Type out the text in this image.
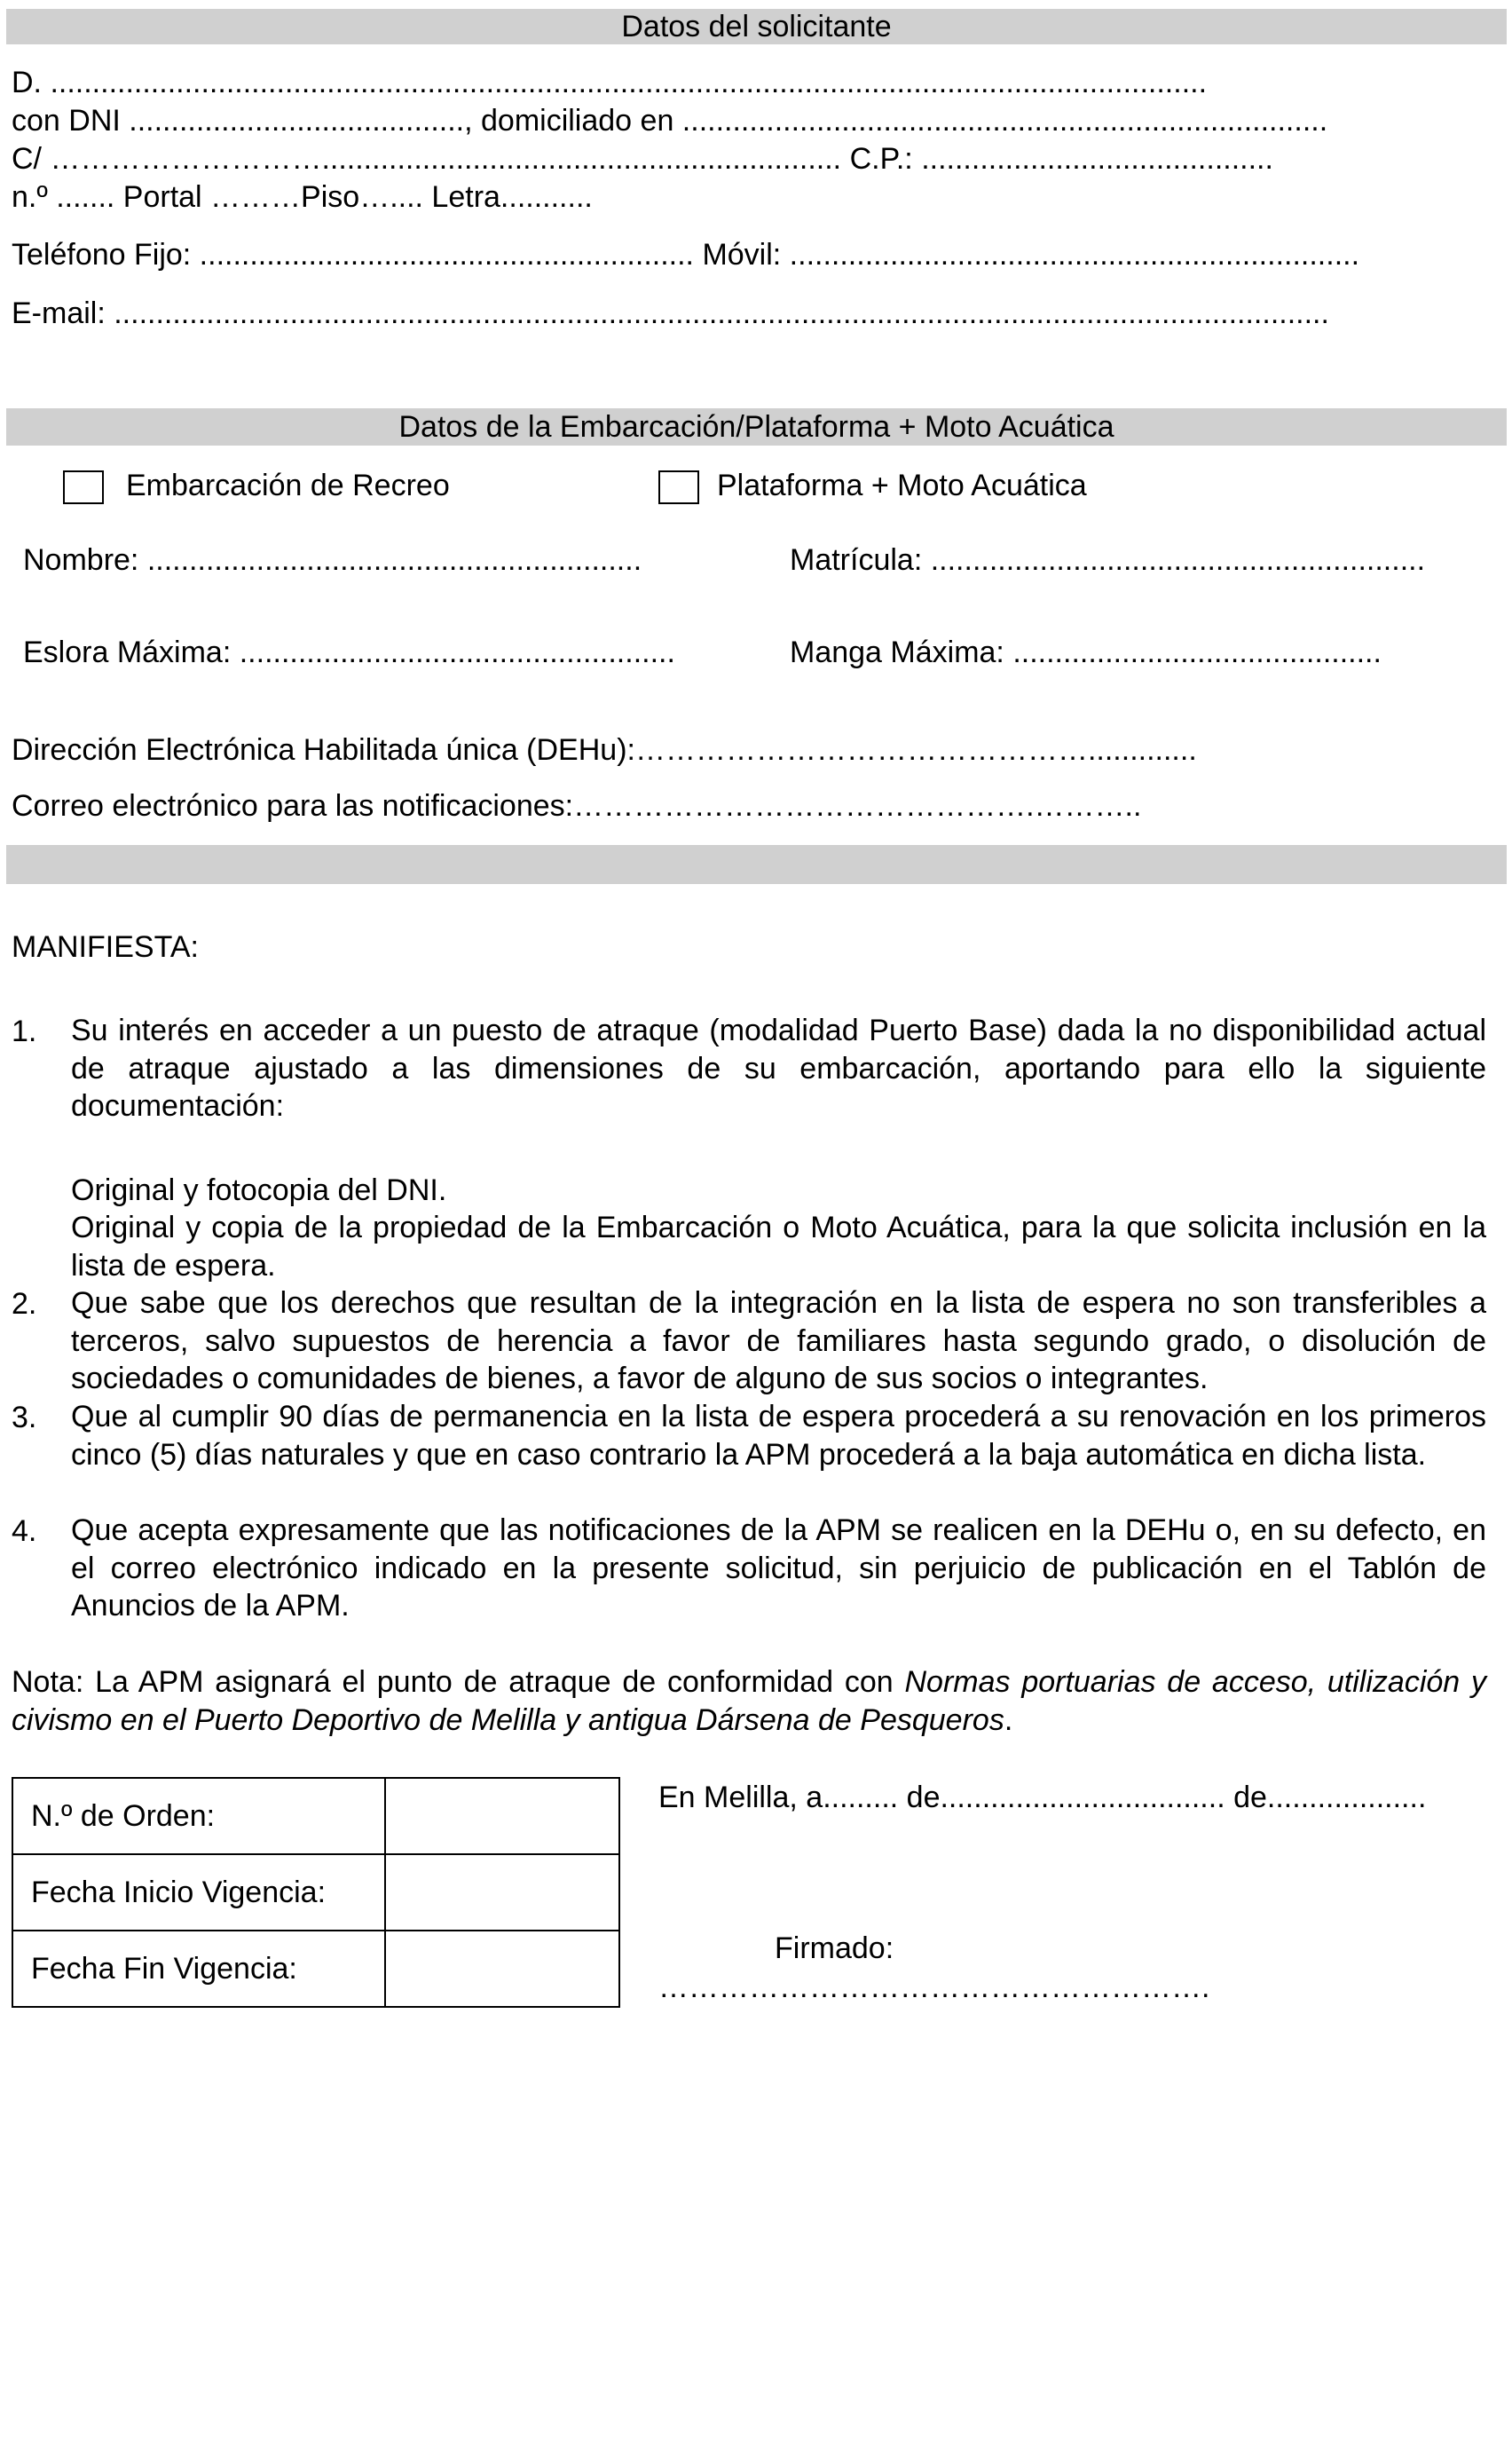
Datos del solicitante
D. ..........................................................................................................................................
con DNI ........................................, domiciliado en .............................................................................
C/ ……………………….............................................................. C.P.: ..........................................
n.º ....... Portal ………Piso….... Letra...........
Teléfono Fijo: ........................................................... Móvil: ....................................................................
E-mail: .................................................................................................................................................
Datos de la Embarcación/Plataforma + Moto Acuática
Embarcación de Recreo	Plataforma + Moto Acuática
Nombre: ...........................................................	Matrícula: ...........................................................
Eslora Máxima: ....................................................	Manga Máxima: ............................................
Dirección Electrónica Habilitada única (DEHu):……………………………………….............
Correo electrónico para las notificaciones:……………………………………….………..
MANIFIESTA:
1. Su interés en acceder a un puesto de atraque (modalidad Puerto Base) dada la no disponibilidad actual de atraque ajustado a las dimensiones de su embarcación, aportando para ello la siguiente documentación:
Original y fotocopia del DNI.
Original y copia de la propiedad de la Embarcación o Moto Acuática, para la que solicita inclusión en la lista de espera.
2. Que sabe que los derechos que resultan de la integración en la lista de espera no son transferibles a terceros, salvo supuestos de herencia a favor de familiares hasta segundo grado, o disolución de sociedades o comunidades de bienes, a favor de alguno de sus socios o integrantes.
3. Que al cumplir 90 días de permanencia en la lista de espera procederá a su renovación en los primeros cinco (5) días naturales y que en caso contrario la APM procederá a la baja automática en dicha lista.
4. Que acepta expresamente que las notificaciones de la APM se realicen en la DEHu o, en su defecto, en el correo electrónico indicado en la presente solicitud, sin perjuicio de publicación en el Tablón de Anuncios de la APM.
Nota: La APM asignará el punto de atraque de conformidad con Normas portuarias de acceso, utilización y civismo en el Puerto Deportivo de Melilla y antigua Dársena de Pesqueros.
N.º de Orden:	
Fecha Inicio Vigencia:	
Fecha Fin Vigencia:	
En Melilla, a......... de.................................. de...................
Firmado:
……………………………………………….
